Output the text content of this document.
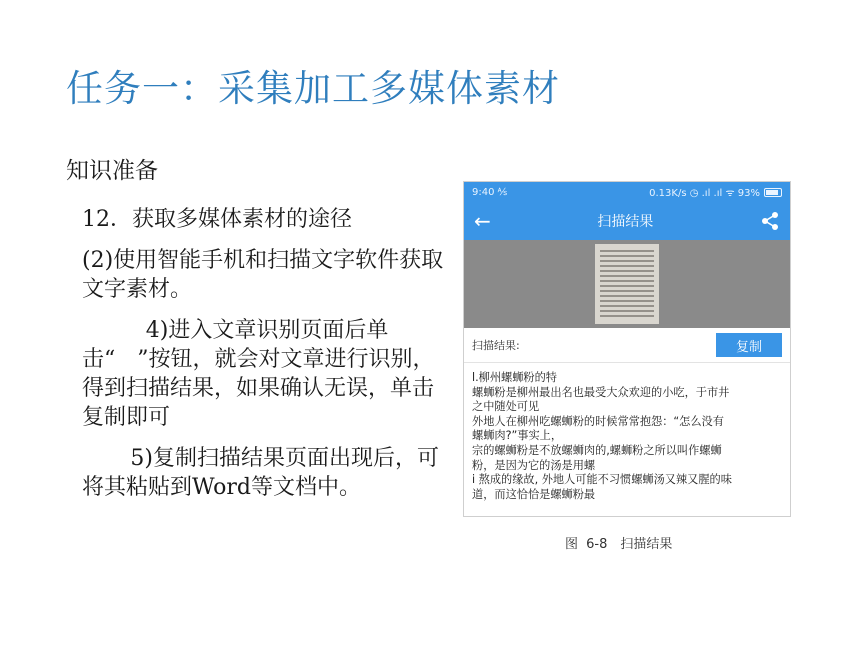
任务一：采集加工多媒体素材
知识准备

12．获取多媒体素材的途径

(2)使用智能手机和扫描文字软件获取文字素材。

4)进入文章识别页面后单击“　”按钮，就会对文章进行识别，得到扫描结果，如果确认无误，单击复制即可

5)复制扫描结果页面出现后，可将其粘贴到Word等文档中。

9:40 ⅍	0.13K/s ◷ .ıl .ıl ᯤ 93%
←	扫描结果
扫描结果:	复制
l.柳州螺蛳粉的特
螺蛳粉是柳州最出名也最受大众欢迎的小吃，于市井
之中随处可见
外地人在柳州吃螺蛳粉的时候常常抱怨：“怎么没有
螺蛳肉?”事实上，
宗的螺蛳粉是不放螺蛳肉的,螺蛳粉之所以叫作螺蛳
粉，是因为它的汤是用螺
i 熬成的缘故, 外地人可能不习惯螺蛳汤又辣又腥的味
道，而这恰恰是螺蛳粉最
图 6-8　扫描结果
